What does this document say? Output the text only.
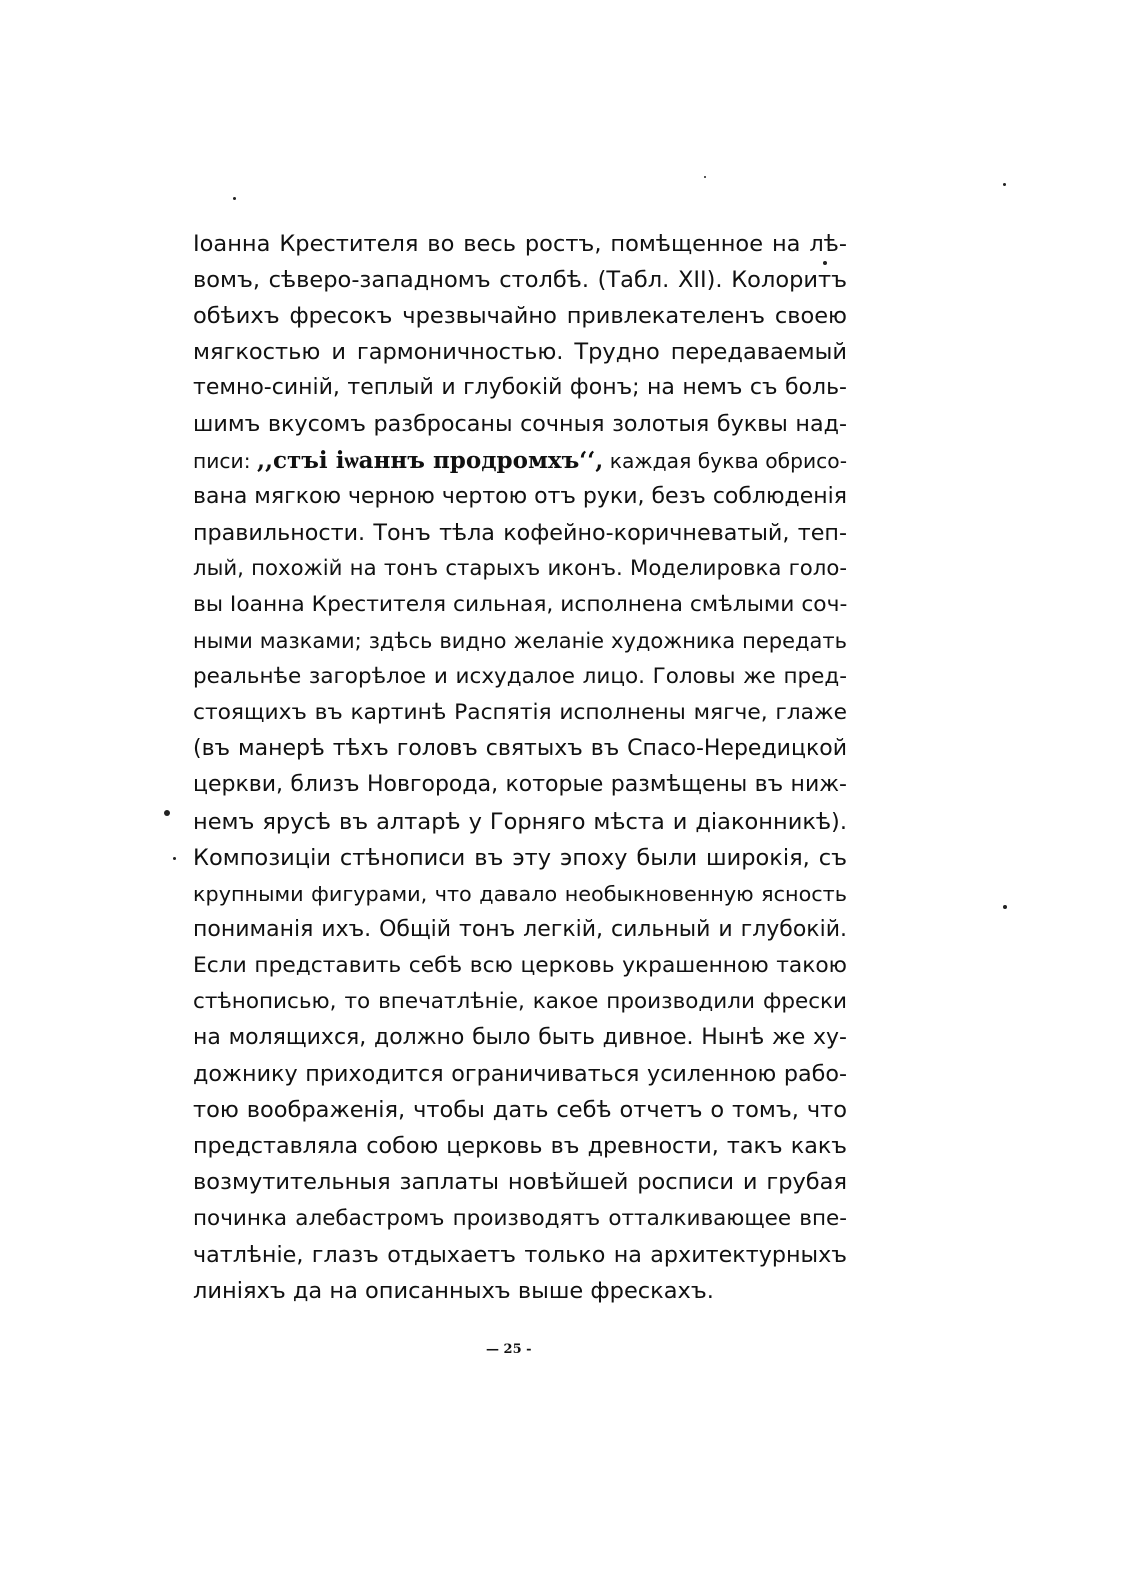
Іоанна Крестителя во весь ростъ, помѣщенное на лѣ-
вомъ, сѣверо-западномъ столбѣ. (Табл. XII). Колоритъ
обѣихъ фресокъ чрезвычайно привлекателенъ своею
мягкостью и гармоничностью. Трудно передаваемый
темно-синій, теплый и глубокій фонъ; на немъ съ боль-
шимъ вкусомъ разбросаны сочныя золотыя буквы над-
писи: ,,стъі іѡаннъ продромхъ‘‘, каждая буква обрисо-
вана мягкою черною чертою отъ руки, безъ соблюденія
правильности. Тонъ тѣла кофейно-коричневатый, теп-
лый, похожій на тонъ старыхъ иконъ. Моделировка голо-
вы Іоанна Крестителя сильная, исполнена смѣлыми соч-
ными мазками; здѣсь видно желаніе художника передать
реальнѣе загорѣлое и исхудалое лицо. Головы же пред-
стоящихъ въ картинѣ Распятія исполнены мягче, глаже
(въ манерѣ тѣхъ головъ святыхъ въ Спасо-Нередицкой
церкви, близъ Новгорода, которые размѣщены въ ниж-
немъ ярусѣ въ алтарѣ у Горняго мѣста и діаконникѣ).
Композиціи стѣнописи въ эту эпоху были широкія, съ
крупными фигурами, что давало необыкновенную ясность
пониманія ихъ. Общій тонъ легкій, сильный и глубокій.
Если представить себѣ всю церковь украшенною такою
стѣнописью, то впечатлѣніе, какое производили фрески
на молящихся, должно было быть дивное. Нынѣ же ху-
дожнику приходится ограничиваться усиленною рабо-
тою воображенія, чтобы дать себѣ отчетъ о томъ, что
представляла собою церковь въ древности, такъ какъ
возмутительныя заплаты новѣйшей росписи и грубая
починка алебастромъ производятъ отталкивающее впе-
чатлѣніе, глазъ отдыхаетъ только на архитектурныхъ
линіяхъ да на описанныхъ выше фрескахъ.
— 25 -
